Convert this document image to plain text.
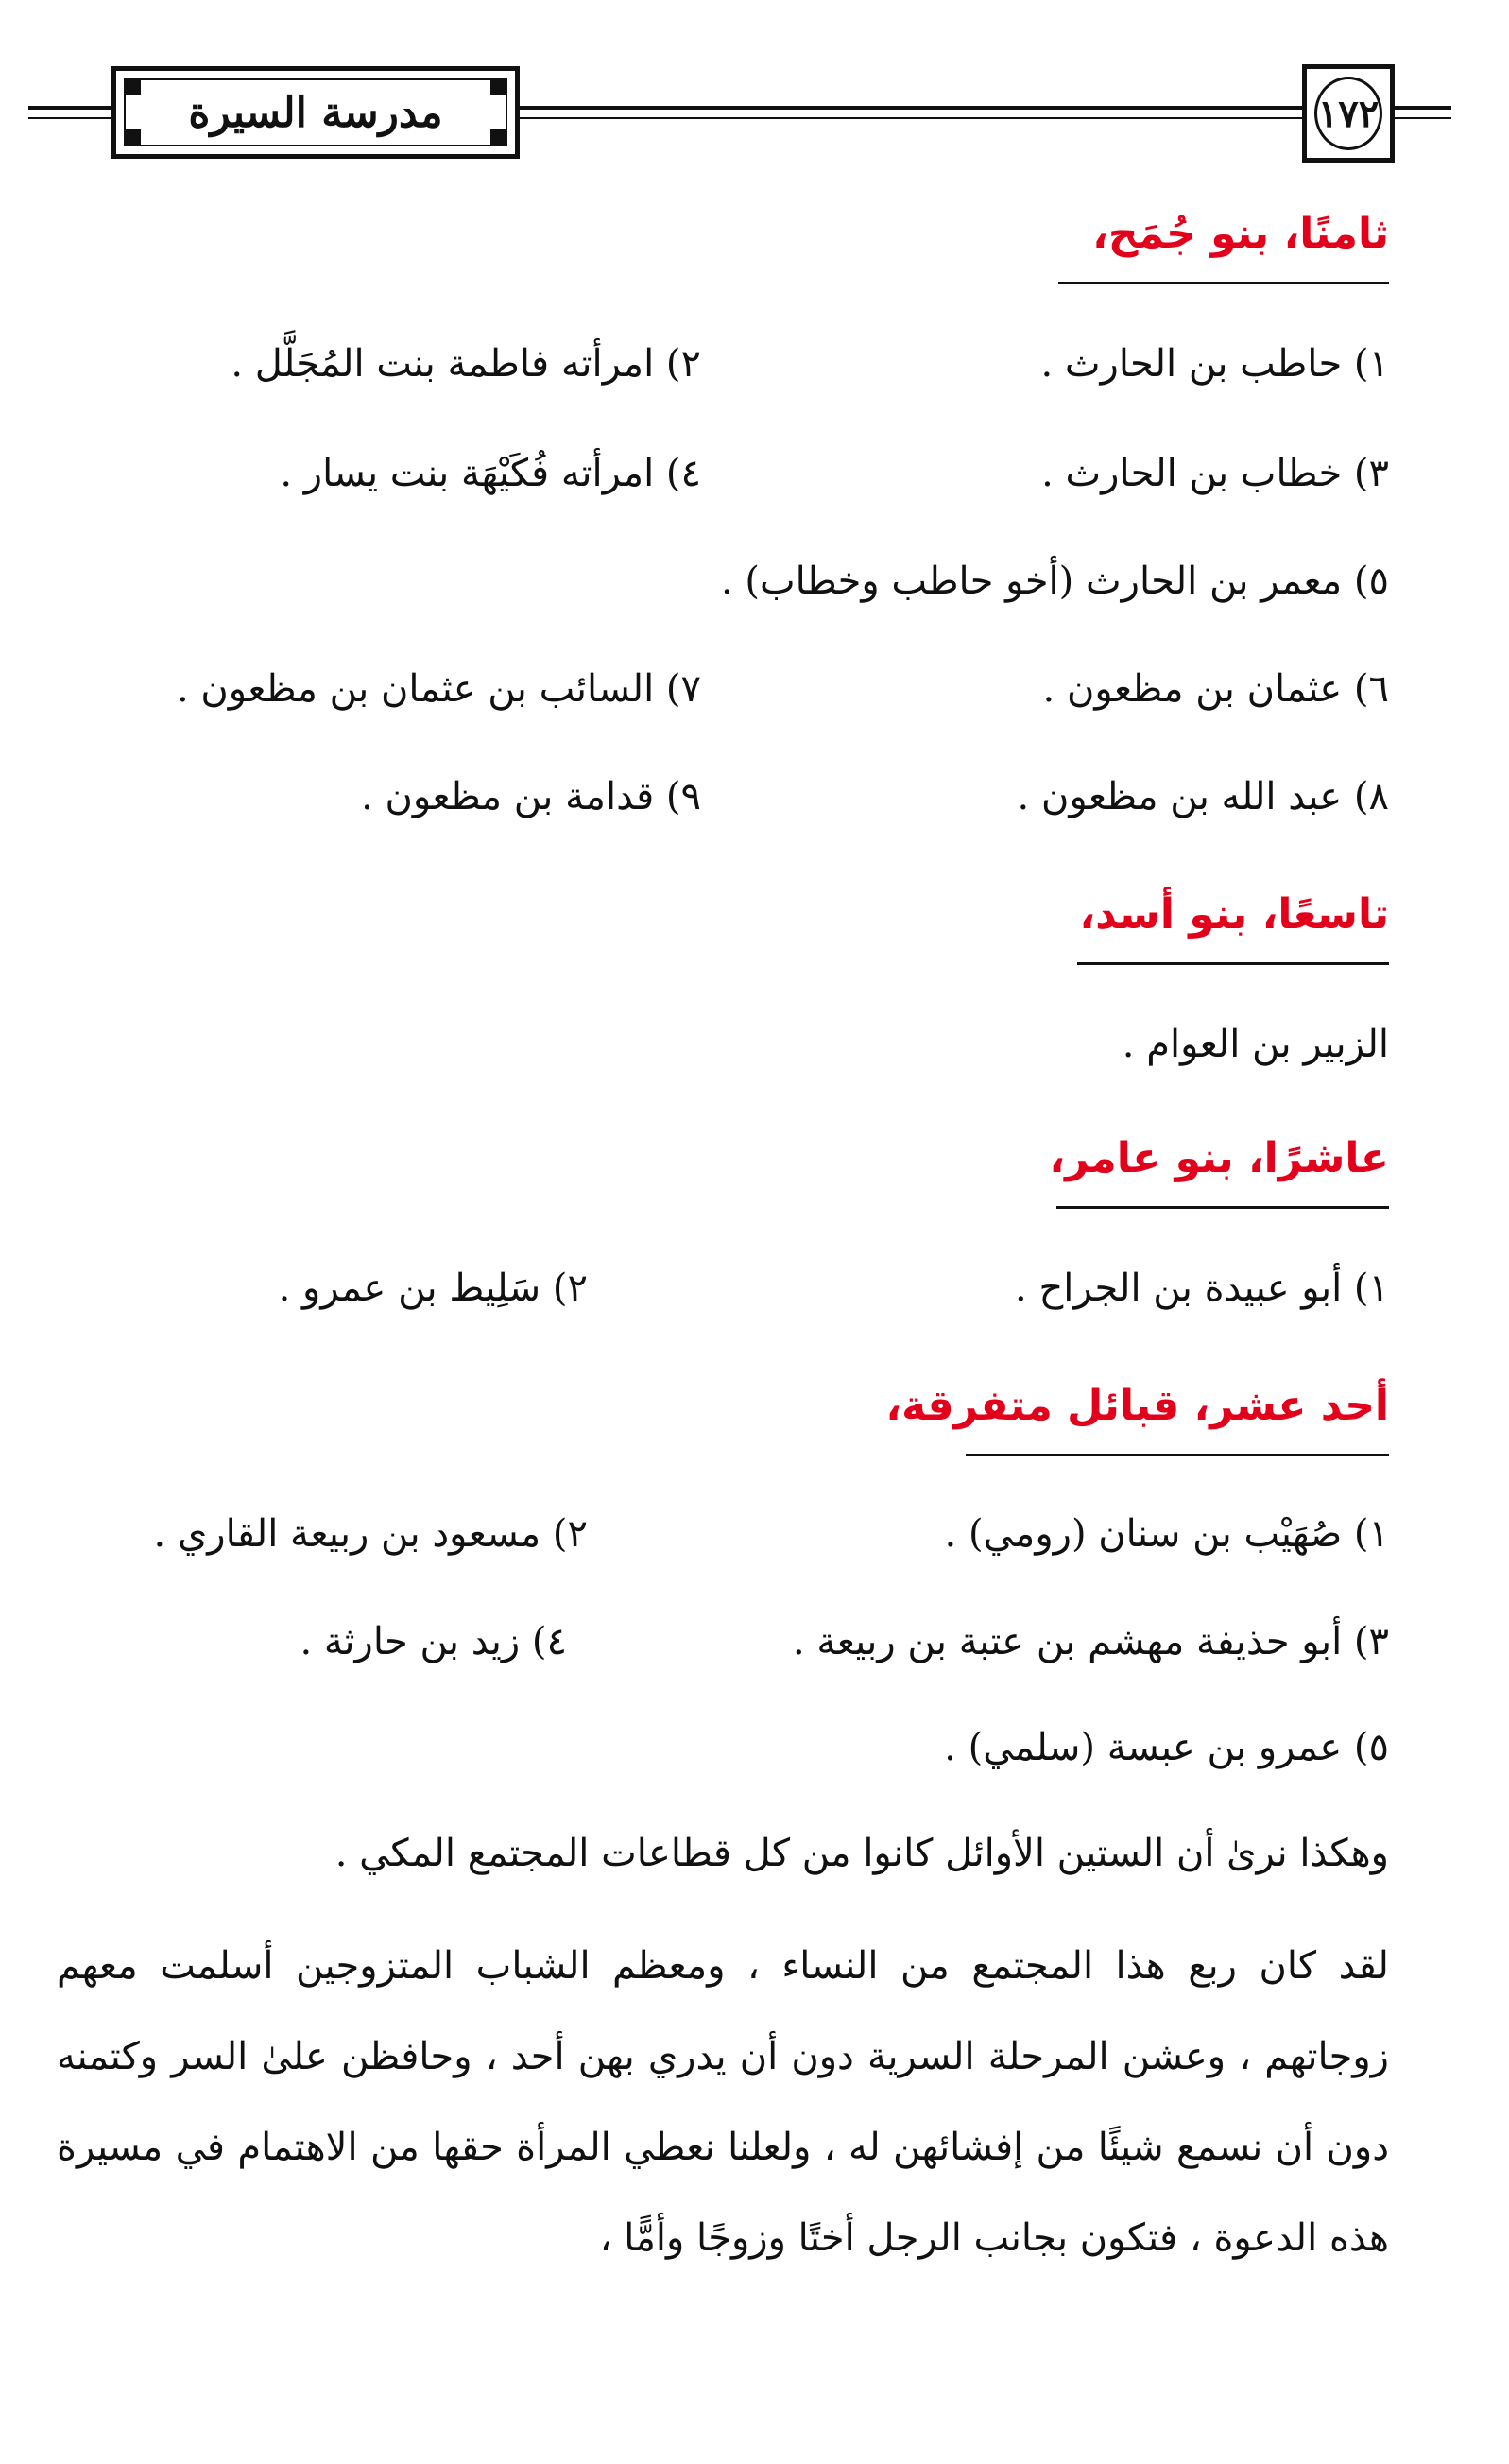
مدرسة السيرة	١٧٢
ثامنًا، بنو جُمَح،
١) حاطب بن الحارث .
٢) امرأته فاطمة بنت المُجَلَّل .
٣) خطاب بن الحارث .
٤) امرأته فُكَيْهَة بنت يسار .
٥) معمر بن الحارث (أخو حاطب وخطاب) .
٦) عثمان بن مظعون .
٧) السائب بن عثمان بن مظعون .
٨) عبد الله بن مظعون .
٩) قدامة بن مظعون .
تاسعًا، بنو أسد،
الزبير بن العوام .
عاشرًا، بنو عامر،
١) أبو عبيدة بن الجراح .
٢) سَلِيط بن عمرو .
أحد عشر، قبائل متفرقة،
١) صُهَيْب بن سنان (رومي) .
٢) مسعود بن ربيعة القاري .
٣) أبو حذيفة مهشم بن عتبة بن ربيعة .
٤) زيد بن حارثة .
٥) عمرو بن عبسة (سلمي) .
وهكذا نرىٰ أن الستين الأوائل كانوا من كل قطاعات المجتمع المكي .
لقد كان ربع هذا المجتمع من النساء ، ومعظم الشباب المتزوجين أسلمت معهم زوجاتهم ، وعشن المرحلة السرية دون أن يدري بهن أحد ، وحافظن علىٰ السر وكتمنه دون أن نسمع شيئًا من إفشائهن له ، ولعلنا نعطي المرأة حقها من الاهتمام في مسيرة هذه الدعوة ، فتكون بجانب الرجل أختًا وزوجًا وأمًّا ،
